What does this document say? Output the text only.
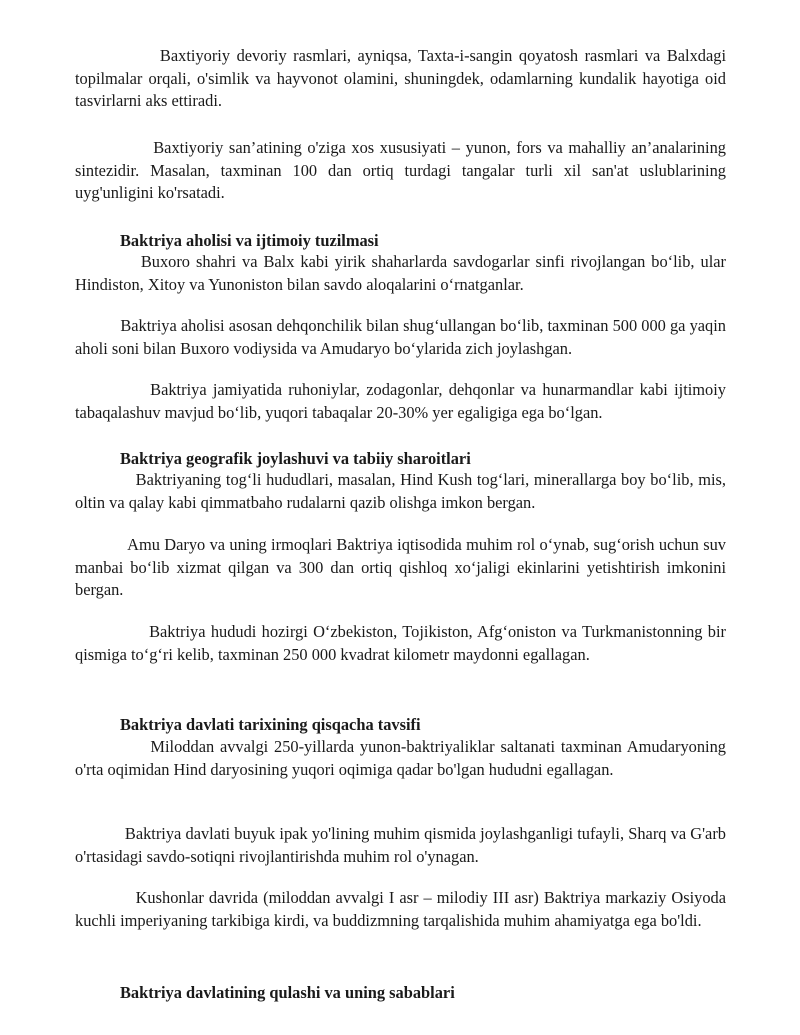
Baxtiyoriy devoriy rasmlari, ayniqsa, Taxta-i-sangin qoyatosh rasmlari va Balxdagi topilmalar orqali, o'simlik va hayvonot olamini, shuningdek, odamlarning kundalik hayotiga oid tasvirlarni aks ettiradi.

Baxtiyoriy san’atining o'ziga xos xususiyati – yunon, fors va mahalliy an’analarining sintezidir. Masalan, taxminan 100 dan ortiq turdagi tangalar turli xil san'at uslublarining uyg'unligini ko'rsatadi.

Baktriya aholisi va ijtimoiy tuzilmasi

Buxoro shahri va Balx kabi yirik shaharlarda savdogarlar sinfi rivojlangan bo‘lib, ular Hindiston, Xitoy va Yunoniston bilan savdo aloqalarini o‘rnatganlar.

Baktriya aholisi asosan dehqonchilik bilan shug‘ullangan bo‘lib, taxminan 500 000 ga yaqin aholi soni bilan Buxoro vodiysida va Amudaryo bo‘ylarida zich joylashgan.

Baktriya jamiyatida ruhoniylar, zodagonlar, dehqonlar va hunarmandlar kabi ijtimoiy tabaqalashuv mavjud bo‘lib, yuqori tabaqalar 20-30% yer egaligiga ega bo‘lgan.

Baktriya geografik joylashuvi va tabiiy sharoitlari

Baktriyaning tog‘li hududlari, masalan, Hind Kush tog‘lari, minerallarga boy bo‘lib, mis, oltin va qalay kabi qimmatbaho rudalarni qazib olishga imkon bergan.

Amu Daryo va uning irmoqlari Baktriya iqtisodida muhim rol o‘ynab, sug‘orish uchun suv manbai bo‘lib xizmat qilgan va 300 dan ortiq qishloq xo‘jaligi ekinlarini yetishtirish imkonini bergan.

Baktriya hududi hozirgi O‘zbekiston, Tojikiston, Afg‘oniston va Turkmanistonning bir qismiga to‘g‘ri kelib, taxminan 250 000 kvadrat kilometr maydonni egallagan.

Baktriya davlati tarixining qisqacha tavsifi

Miloddan avvalgi 250-yillarda yunon-baktriyaliklar saltanati taxminan Amudaryoning o'rta oqimidan Hind daryosining yuqori oqimiga qadar bo'lgan hududni egallagan.

Baktriya davlati buyuk ipak yo'lining muhim qismida joylashganligi tufayli, Sharq va G'arb o'rtasidagi savdo-sotiqni rivojlantirishda muhim rol o'ynagan.

Kushonlar davrida (miloddan avvalgi I asr – milodiy III asr) Baktriya markaziy Osiyoda kuchli imperiyaning tarkibiga kirdi, va buddizmning tarqalishida muhim ahamiyatga ega bo'ldi.

Baktriya davlatining qulashi va uning sabablari
